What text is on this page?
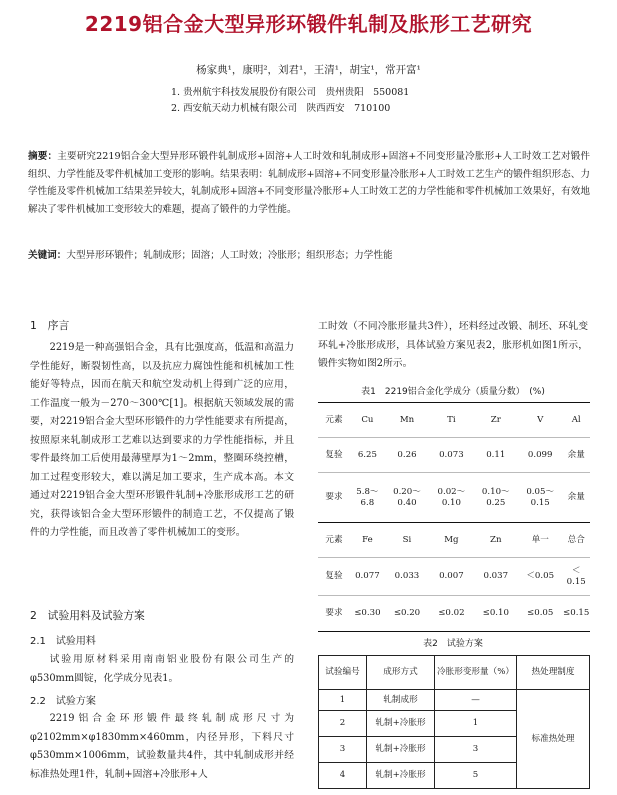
2219铝合金大型异形环锻件轧制及胀形工艺研究
杨家典¹，康明²，刘君¹，王清¹，胡宝¹，常开富¹
1. 贵州航宇科技发展股份有限公司　贵州贵阳　550081
2. 西安航天动力机械有限公司　陕西西安　710100
摘要：主要研究2219铝合金大型异形环锻件轧制成形+固溶+人工时效和轧制成形+固溶+不同变形量冷胀形+人工时效工艺对锻件组织、力学性能及零件机械加工变形的影响。结果表明：轧制成形+固溶+不同变形量冷胀形+人工时效工艺生产的锻件组织形态、力学性能及零件机械加工结果差异较大，轧制成形+固溶+不同变形量冷胀形+人工时效工艺的力学性能和零件机械加工效果好，有效地解决了零件机械加工变形较大的难题，提高了锻件的力学性能。
关键词：大型异形环锻件；轧制成形；固溶；人工时效；冷胀形；组织形态；力学性能
1　序言
2219是一种高强铝合金，具有比强度高，低温和高温力学性能好，断裂韧性高，以及抗应力腐蚀性能和机械加工性能好等特点，因而在航天和航空发动机上得到广泛的应用，工作温度一般为－270～300℃[1]。根据航天领域发展的需要，对2219铝合金大型环形锻件的力学性能要求有所提高，按照原来轧制成形工艺难以达到要求的力学性能指标，并且零件最终加工后使用最薄壁厚为1～2mm，整圈环绕控槽，加工过程变形较大，难以满足加工要求，生产成本高。本文通过对2219铝合金大型环形锻件轧制+冷胀形成形工艺的研究，获得该铝合金大型环形锻件的制造工艺，不仅提高了锻件的力学性能，而且改善了零件机械加工的变形。
2　试验用料及试验方案
2.1　试验用料
试验用原材料采用南南铝业股份有限公司生产的φ530mm圆锭，化学成分见表1。
2.2　试验方案
2219铝合金环形锻件最终轧制成形尺寸为φ2102mm×φ1830mm×460mm，内径异形，下料尺寸φ530mm×1006mm，试验数量共4件，其中轧制成形并经标准热处理1件，轧制+固溶+冷胀形+人
工时效（不同冷胀形量共3件），坯料经过改锻、制坯、环轧变环轧+冷胀形成形，具体试验方案见表2，胀形机如图1所示，锻件实物如图2所示。
表1　2219铝合金化学成分（质量分数）　(%)
元素	Cu	Mn	Ti	Zr	V	Al
复验	6.25	0.26	0.073	0.11	0.099	余量
要求	5.8～6.8	0.20～0.40	0.02～0.10	0.10～0.25	0.05～0.15	余量
元素	Fe	Si	Mg	Zn	单一	总合
复验	0.077	0.033	0.007	0.037	＜0.05	＜0.15
要求	≤0.30	≤0.20	≤0.02	≤0.10	≤0.05	≤0.15
表2　试验方案
试验编号	成形方式	冷胀形变形量（%）	热处理制度
1	轧制成形	—	标准热处理
2	轧制+冷胀形	1	
3	轧制+冷胀形	3	
4	轧制+冷胀形	5	
